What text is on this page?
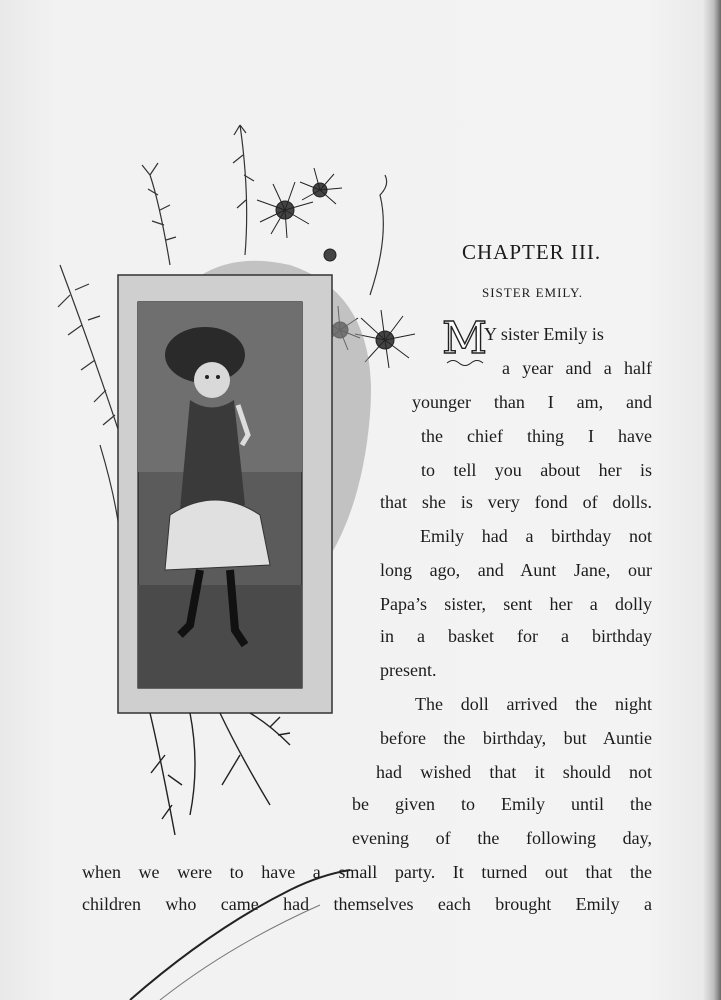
CHAPTER III.
SISTER EMILY.
M
Y sister Emily is
a year and a half
younger than I am, and
the chief thing I have
to tell you about her is
that she is very fond of dolls.
Emily had a birthday not
long ago, and Aunt Jane, our
Papa’s sister, sent her a dolly
in a basket for a birthday
present.
The doll arrived the night
before the birthday, but Auntie
had wished that it should not
be given to Emily until the
evening of the following day,
when we were to have a small party. It turned out that the
children who came had themselves each brought Emily a
